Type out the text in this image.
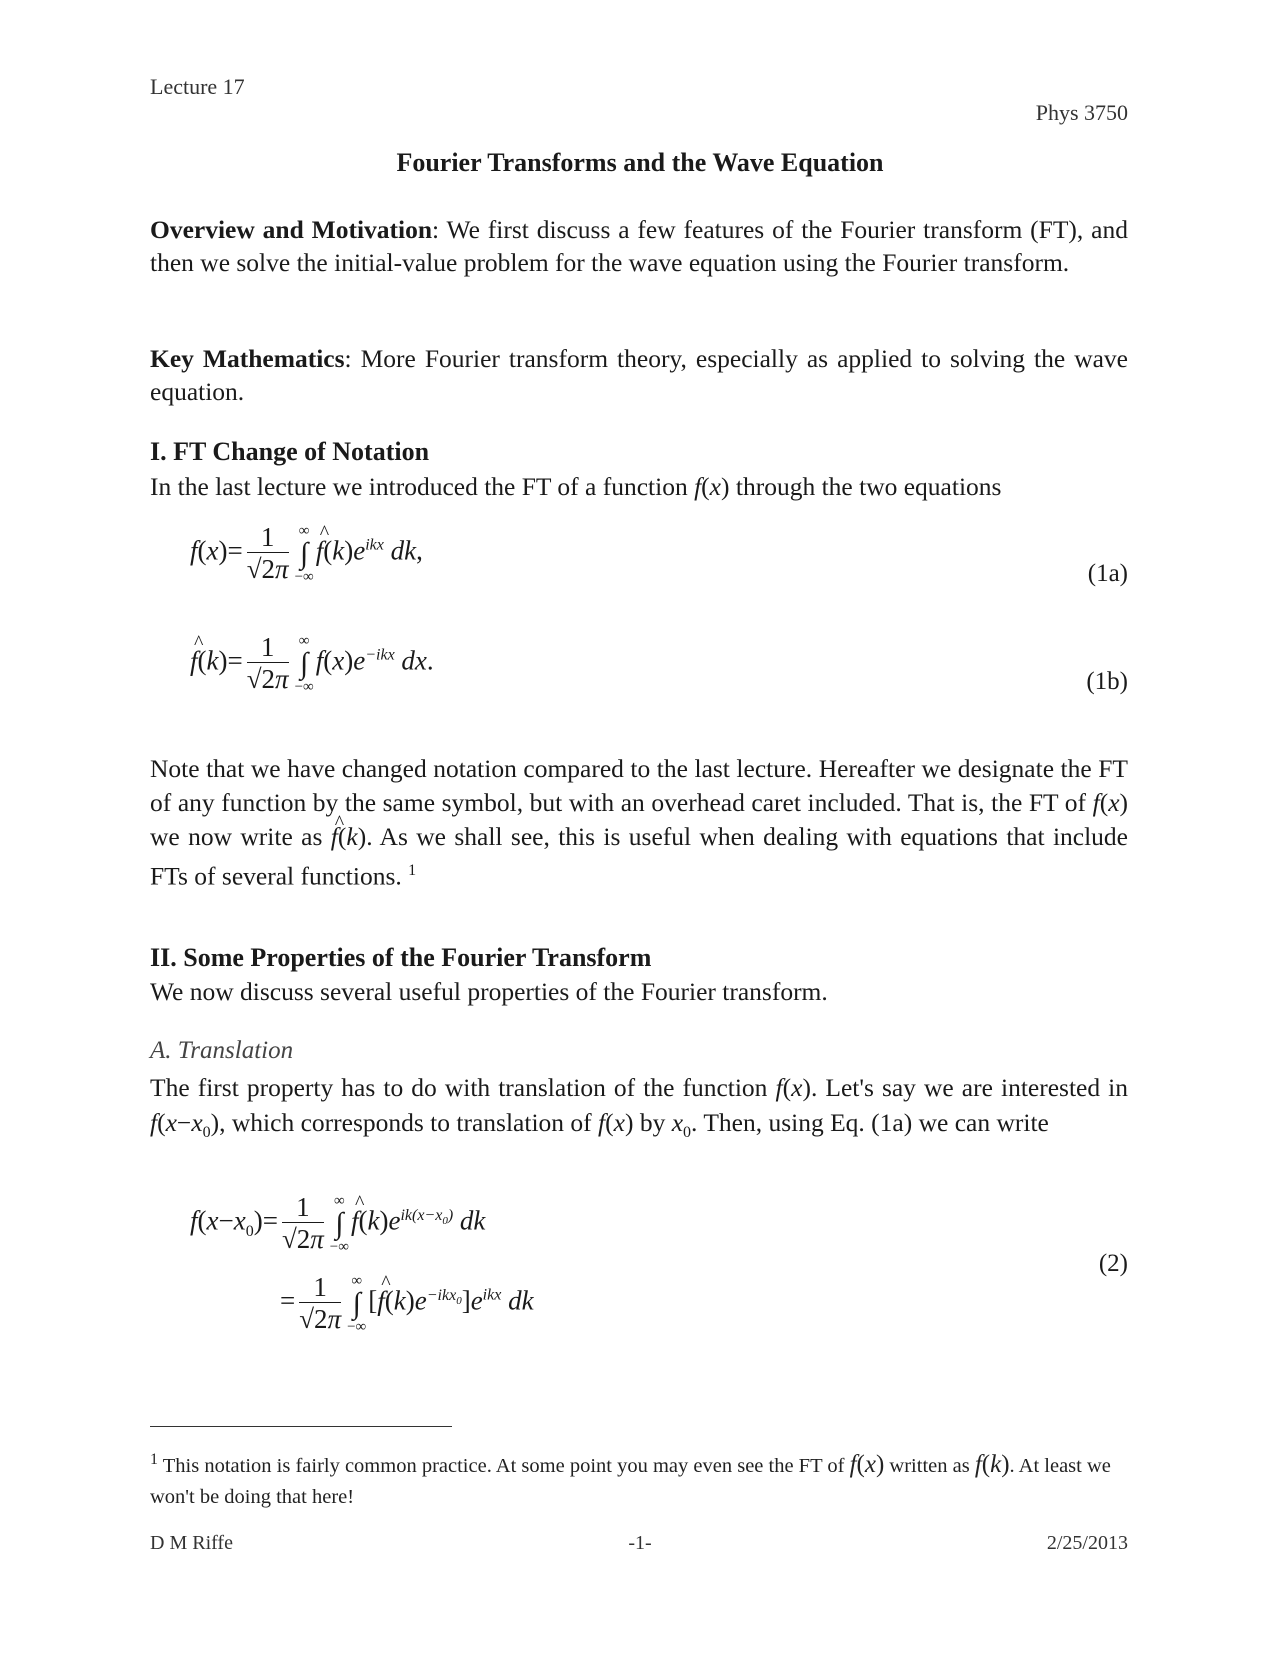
Lecture 17
Phys 3750
Fourier Transforms and the Wave Equation
Overview and Motivation: We first discuss a few features of the Fourier transform (FT), and then we solve the initial-value problem for the wave equation using the Fourier transform.
Key Mathematics: More Fourier transform theory, especially as applied to solving the wave equation.
I. FT Change of Notation
In the last lecture we introduced the FT of a function f(x) through the two equations
$f(x)= \frac{1}{√2\pi}$ ∞
∫
−∞
^ $f(k)e^{ikx}$ dk,
(1a)
^ $f(k)= \frac{1}{√2\pi}$ ∞
∫
−∞
$f(x)e^{-ikx}$ dx.
(1b)
Note that we have changed notation compared to the last lecture. Hereafter we designate the FT of any function by the same symbol, but with an overhead caret included. That is, the FT of f(x) we now write as ^ f(k). As we shall see, this is useful when dealing with equations that include FTs of several functions. $^1$
II. Some Properties of the Fourier Transform
We now discuss several useful properties of the Fourier transform.
A. Translation
The first property has to do with translation of the function f(x). Let's say we are interested in $f(x-x_0)$, which corresponds to translation of f(x) by $x_0$. Then, using Eq. (1a) we can write
$f(x-x_0)= \frac{1}{√2\pi}$ ∞
∫
−∞
^ $f(k)e^{ik(x-x_0)}$ dk
= $\frac{1}{√2\pi}$ ∞
∫
−∞
[^ $f(k)e^{-ikx_0}]e^{ikx}$ dk
(2)
$^1$ This notation is fairly common practice. At some point you may even see the FT of f(x) written as f(k). At least we won't be doing that here!
D M Riffe	-1-	2/25/2013
